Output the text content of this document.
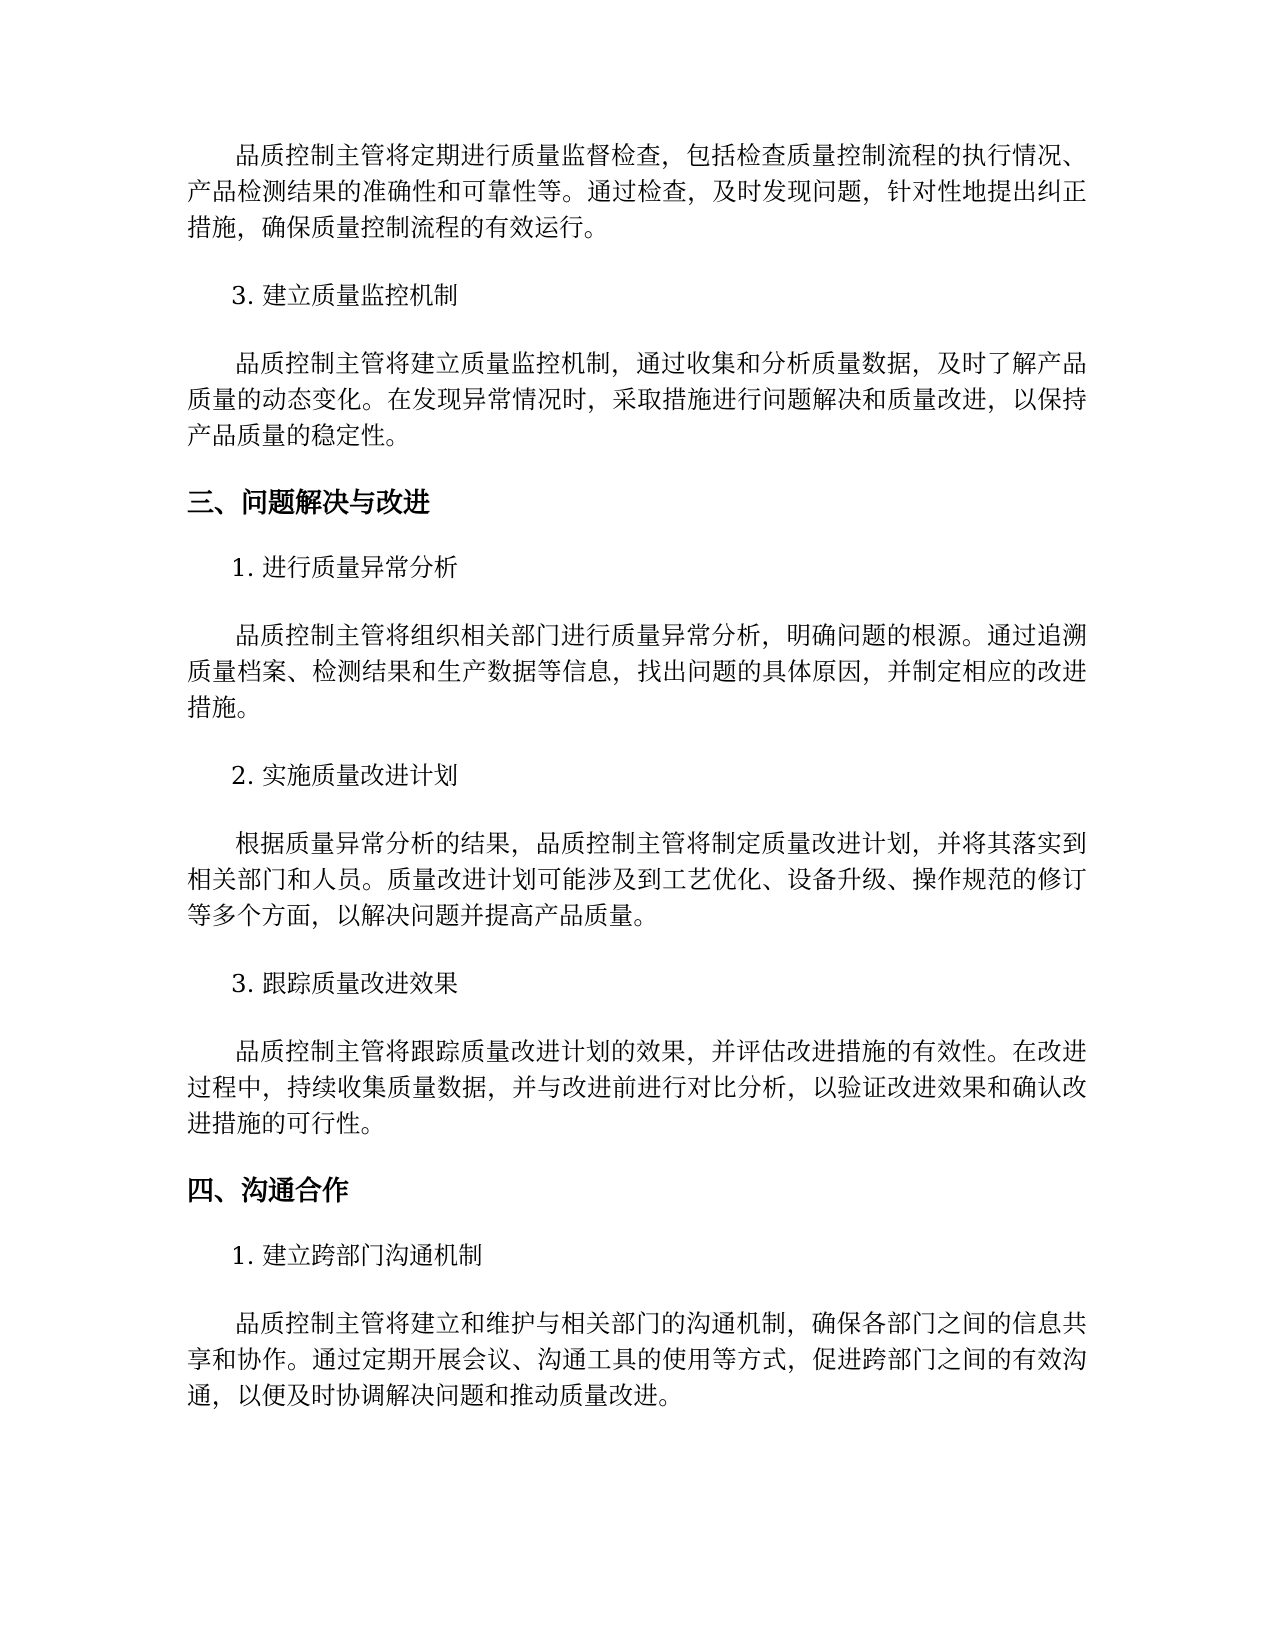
品质控制主管将定期进行质量监督检查，包括检查质量控制流程的执行情况、产品检测结果的准确性和可靠性等。通过检查，及时发现问题，针对性地提出纠正措施，确保质量控制流程的有效运行。

3. 建立质量监控机制

品质控制主管将建立质量监控机制，通过收集和分析质量数据，及时了解产品质量的动态变化。在发现异常情况时，采取措施进行问题解决和质量改进，以保持产品质量的稳定性。

三、问题解决与改进

1. 进行质量异常分析

品质控制主管将组织相关部门进行质量异常分析，明确问题的根源。通过追溯质量档案、检测结果和生产数据等信息，找出问题的具体原因，并制定相应的改进措施。

2. 实施质量改进计划

根据质量异常分析的结果，品质控制主管将制定质量改进计划，并将其落实到相关部门和人员。质量改进计划可能涉及到工艺优化、设备升级、操作规范的修订等多个方面，以解决问题并提高产品质量。

3. 跟踪质量改进效果

品质控制主管将跟踪质量改进计划的效果，并评估改进措施的有效性。在改进过程中，持续收集质量数据，并与改进前进行对比分析，以验证改进效果和确认改进措施的可行性。

四、沟通合作

1. 建立跨部门沟通机制

品质控制主管将建立和维护与相关部门的沟通机制，确保各部门之间的信息共享和协作。通过定期开展会议、沟通工具的使用等方式，促进跨部门之间的有效沟通，以便及时协调解决问题和推动质量改进。
